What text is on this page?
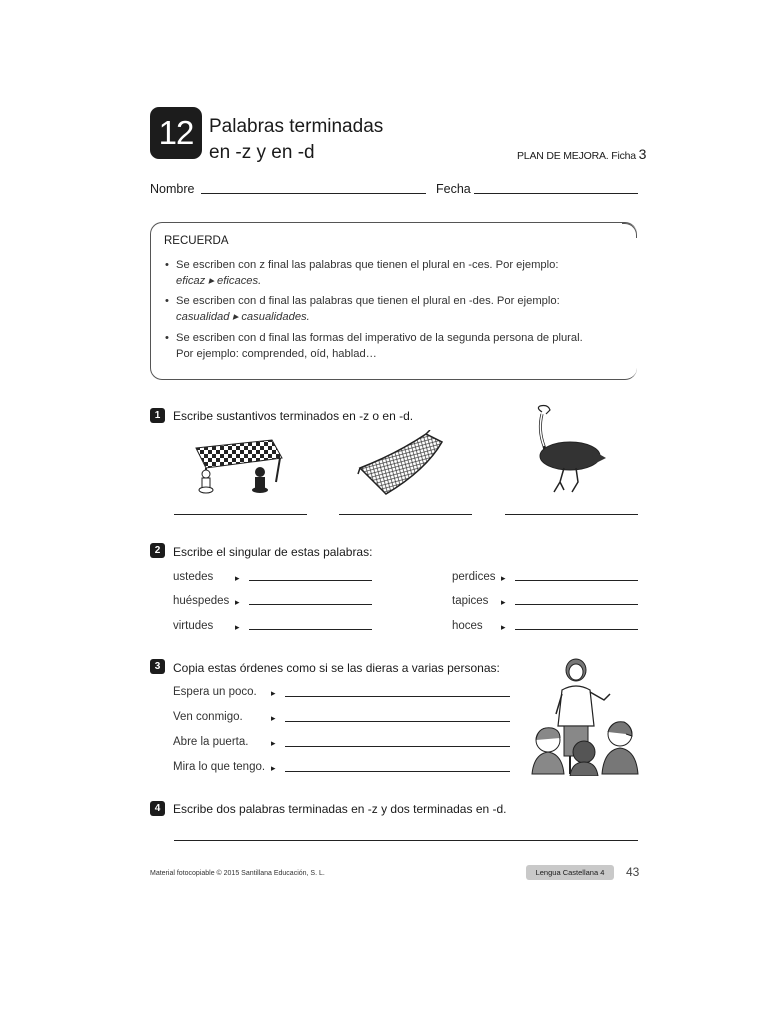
12 Palabras terminadas
en -z y en -d	PLAN DE MEJORA. Ficha 3
Nombre	Fecha
RECUERDA
• Se escriben con z final las palabras que tienen el plural en -ces. Por ejemplo:
eficaz ▸ eficaces.
• Se escriben con d final las palabras que tienen el plural en -des. Por ejemplo:
casualidad ▸ casualidades.
• Se escriben con d final las formas del imperativo de la segunda persona de plural.
Por ejemplo: comprended, oíd, hablad…
1	Escribe sustantivos terminados en -z o en -d.
2	Escribe el singular de estas palabras:
ustedes ▸
huéspedes ▸
virtudes ▸
perdices ▸
tapices ▸
hoces ▸
3	Copia estas órdenes como si se las dieras a varias personas:
Espera un poco. ▸
Ven conmigo.	▸
Abre la puerta.	▸
Mira lo que tengo. ▸
4	Escribe dos palabras terminadas en -z y dos terminadas en -d.
Material fotocopiable © 2015 Santillana Educación, S. L.	Lengua Castellana 4	43
